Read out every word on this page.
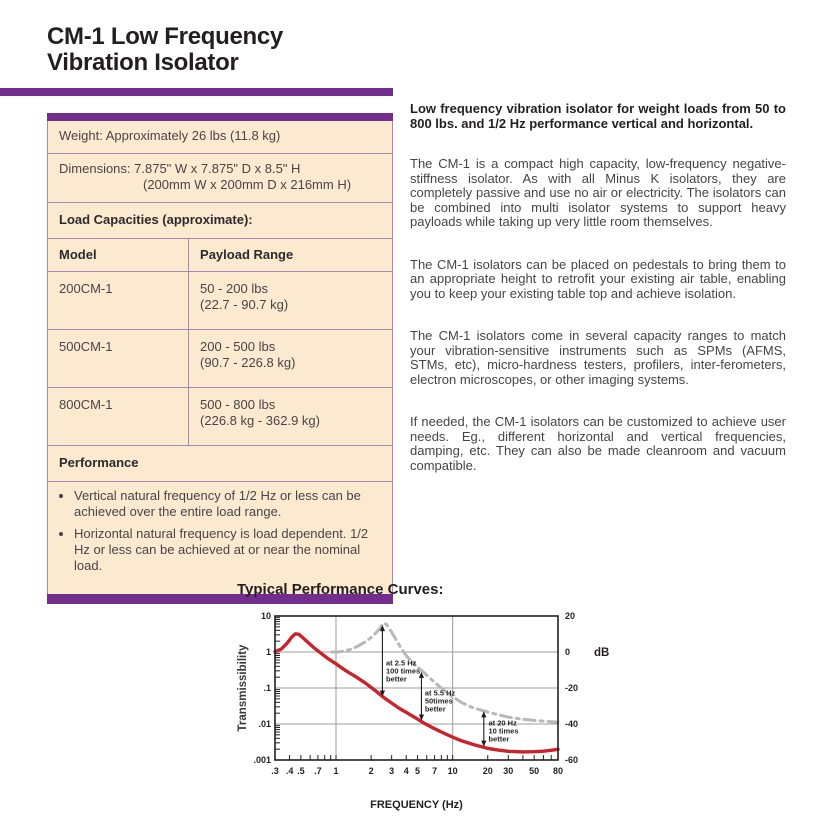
CM-1 Low Frequency
Vibration Isolator
Weight: Approximately 26 lbs (11.8 kg)
Dimensions: 7.875" W x 7.875" D x 8.5" H
(200mm W x 200mm D x 216mm H)
Load Capacities (approximate):
Model	Payload Range
200CM-1	50 - 200 lbs
(22.7 - 90.7 kg)
500CM-1	200 - 500 lbs
(90.7 - 226.8 kg)
800CM-1	500 - 800 lbs
(226.8 kg - 362.9 kg)
Performance
• Vertical natural frequency of 1/2 Hz or less can be achieved over the entire load range.
• Horizontal natural frequency is load dependent. 1/2 Hz or less can be achieved at or near the nominal load.

Low frequency vibration isolator for weight loads from 50 to 800 lbs. and 1/2 Hz performance vertical and horizontal.

The CM-1 is a compact high capacity, low-frequency negative-stiffness isolator. As with all Minus K isolators, they are completely passive and use no air or electricity. The isolators can be combined into multi isolator systems to support heavy payloads while taking up very little room themselves.

The CM-1 isolators can be placed on pedestals to bring them to an appropriate height to retrofit your existing air table, enabling you to keep your existing table top and achieve isolation.

The CM-1 isolators come in several capacity ranges to match your vibration-sensitive instruments such as SPMs (AFMS, STMs, etc), micro-hardness testers, profilers, inter-ferometers, electron microscopes, or other imaging systems.

If needed, the CM-1 isolators can be customized to achieve user needs. Eg., different horizontal and vertical frequencies, damping, etc. They can also be made cleanroom and vacuum compatible.

Typical Performance Curves:
at 2.5 Hz
100 times
better
at 5.5 Hz
50times
better
at 20 Hz
10 times
better
.3 .4 .5 .7 1	2 3 4 5 7 10	20 30 50 80
10
1
.1
.01
.001
20
0
-20
-40
-60
FREQUENCY (Hz)
Transmissibility	dB
